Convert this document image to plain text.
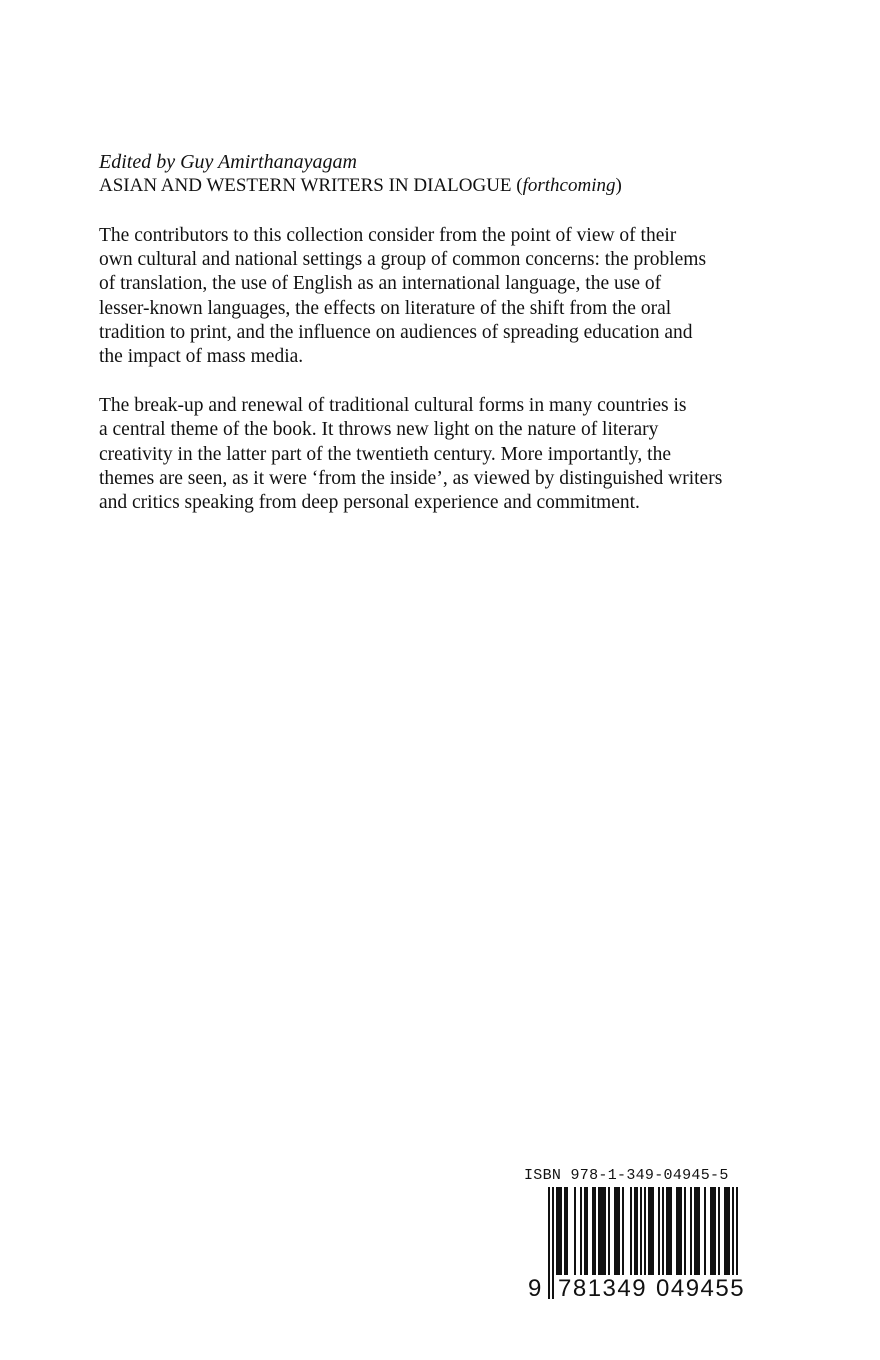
Edited by Guy Amirthanayagam

ASIAN AND WESTERN WRITERS IN DIALOGUE (forthcoming)

The contributors to this collection consider from the point of view of their
own cultural and national settings a group of common concerns: the problems
of translation, the use of English as an international language, the use of
lesser-known languages, the effects on literature of the shift from the oral
tradition to print, and the influence on audiences of spreading education and
the impact of mass media.

The break-up and renewal of traditional cultural forms in many countries is
a central theme of the book. It throws new light on the nature of literary
creativity in the latter part of the twentieth century. More importantly, the
themes are seen, as it were ‘from the inside’, as viewed by distinguished writers
and critics speaking from deep personal experience and commitment.

ISBN 978-1-349-04945-5

9 781349 049455
